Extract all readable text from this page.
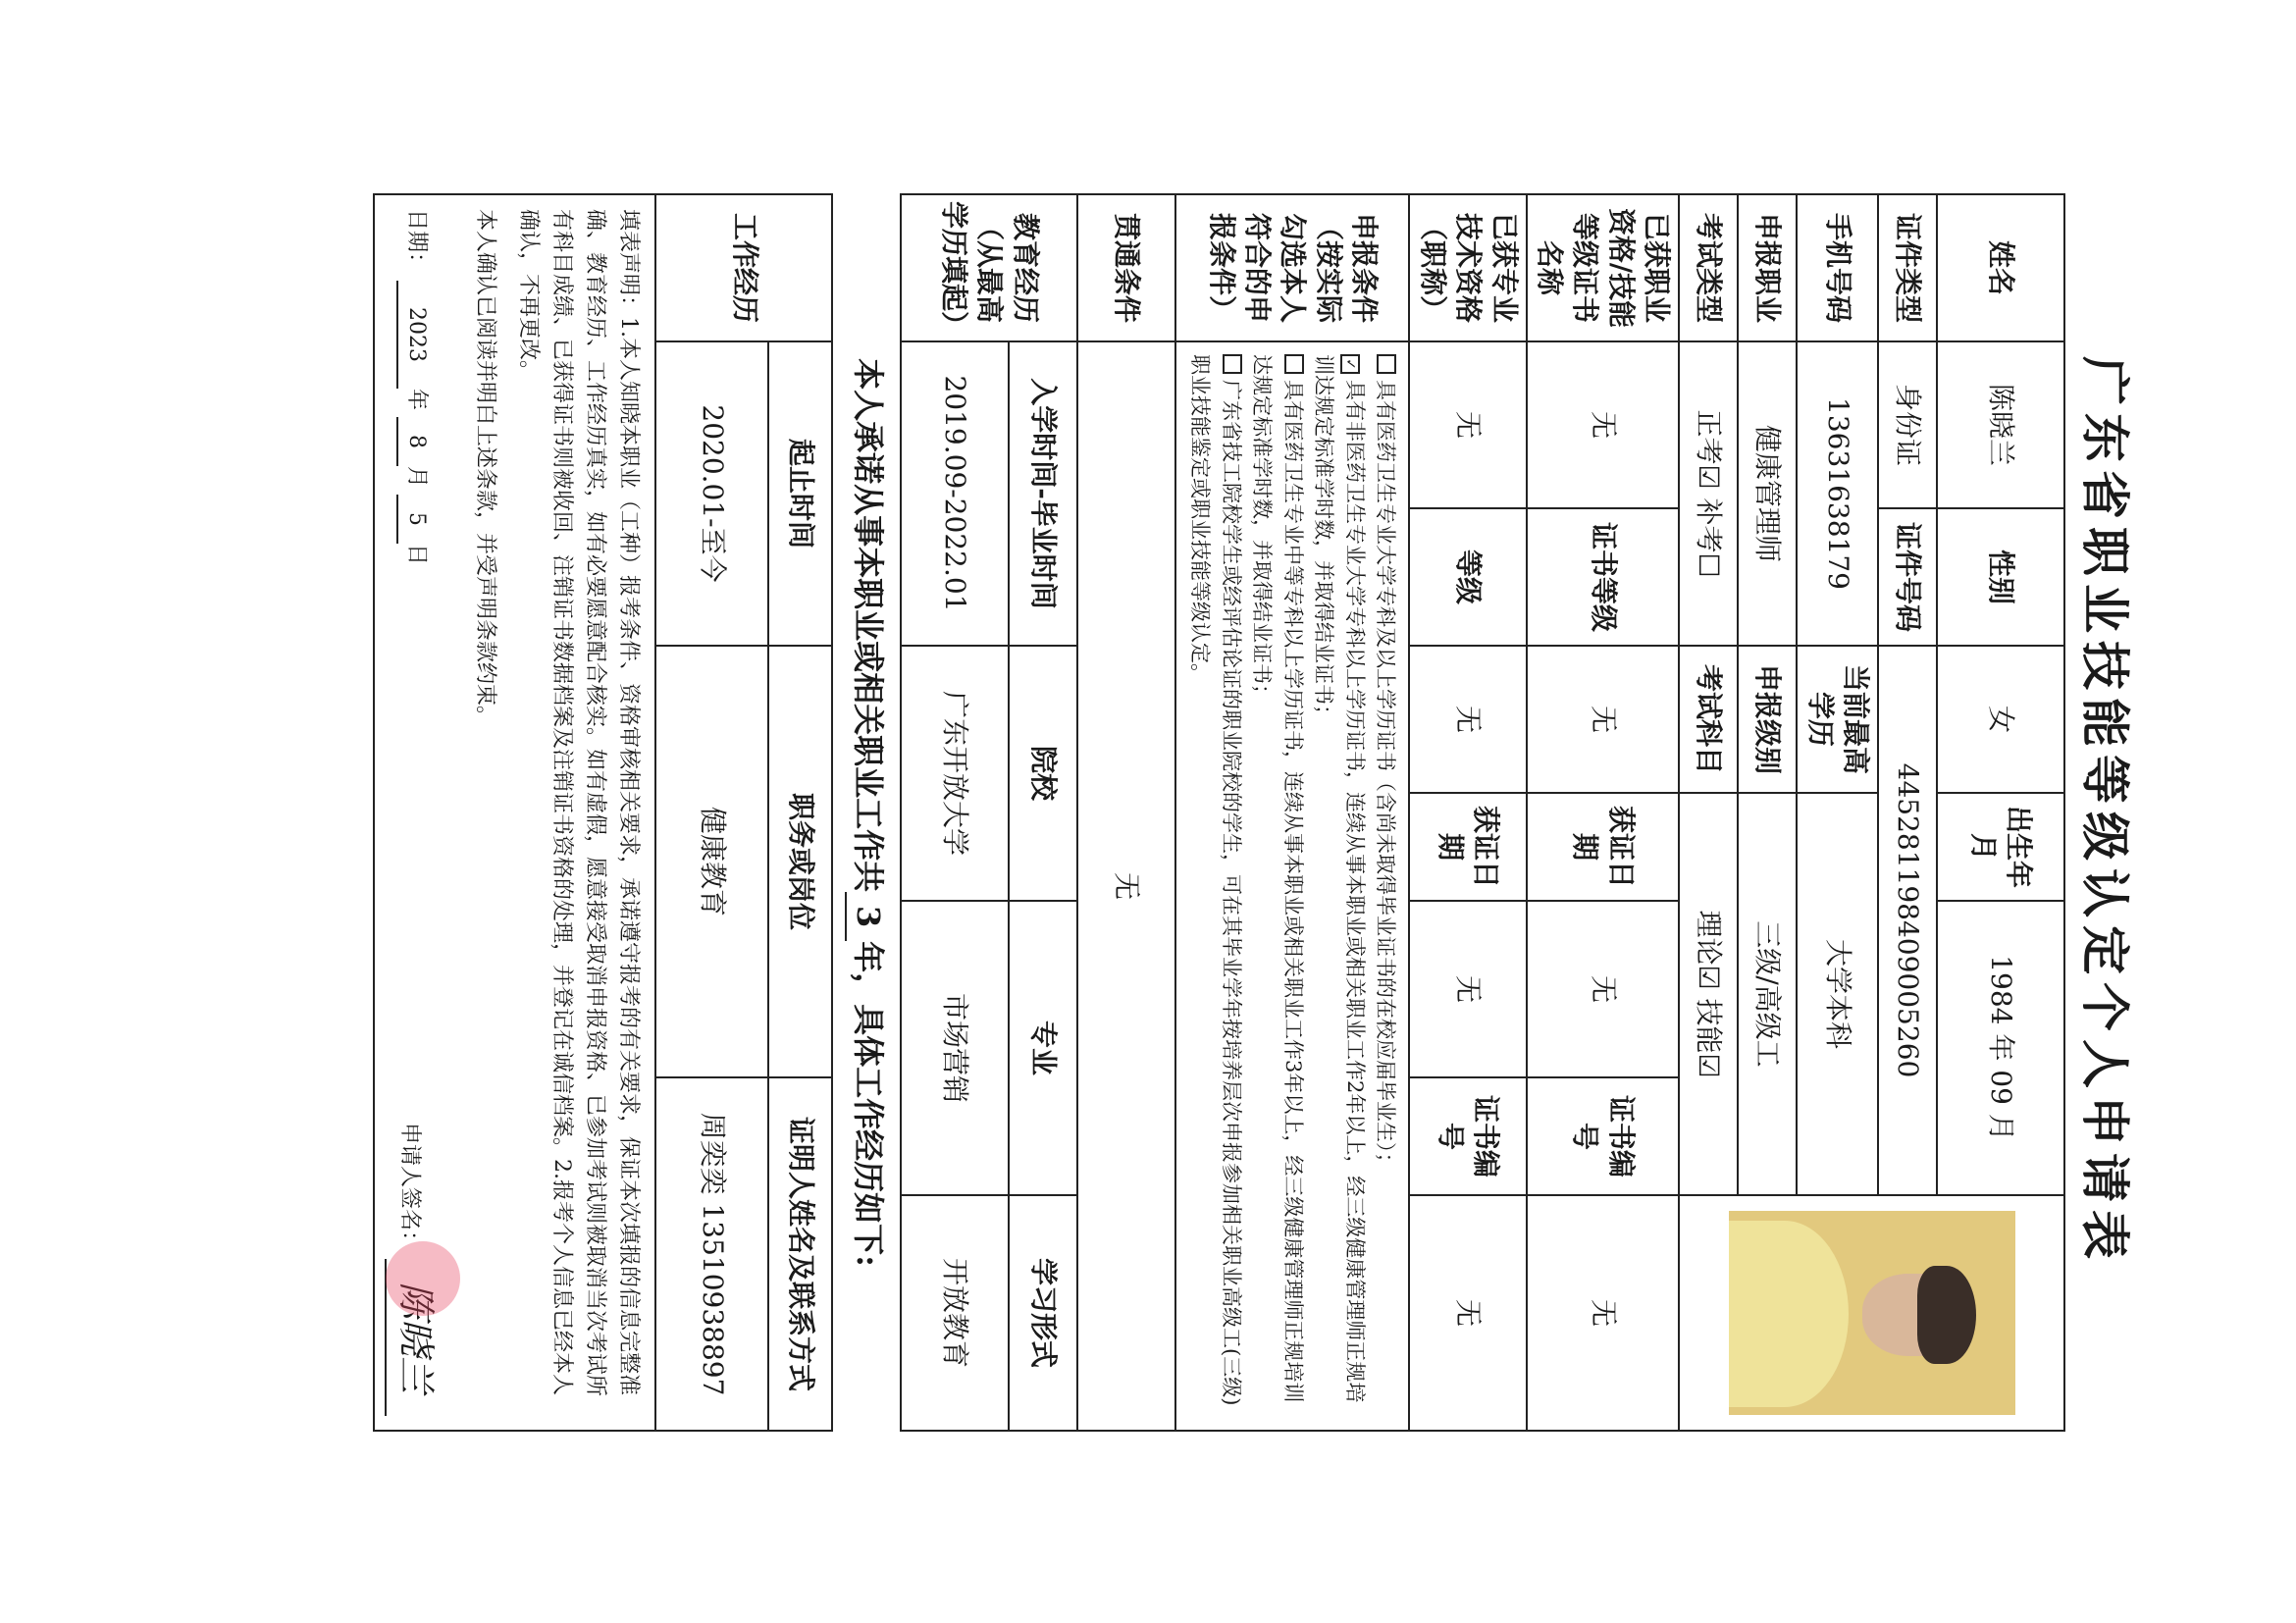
广东省职业技能等级认定个人申请表
姓名	陈晓兰	性别	女	出生年月	1984 年 09 月		

证件类型	身份证	证件号码	445281198409005260				
手机号码	13631638179		当前最高学历	大学本科			
申报职业	健康管理师		申报级别	三级/高级工			
考试类型	正考☑ 补考☐		考试科目	理论☑ 技能☑			
已获职业资格/技能等级证书名称	无	证书等级	无	获证日期	无	证书编号	无
已获专业技术资格（职称）	无	等级	无	获证日期	无	证书编号	无
申报条件（按实际勾选本人符合的申报条件）	具有医药卫生专业大学专科及以上学历证书（含尚未取得毕业证书的在校应届毕业生）；
✓具有非医药卫生专业大学专科以上学历证书，连续从事本职业或相关职业工作2年以上，经三级健康管理师正规培训达规定标准学时数，并取得结业证书；
具有医药卫生专业中等专科以上学历证书，连续从事本职业或相关职业工作3年以上，经三级健康管理师正规培训达规定标准学时数，并取得结业证书；
广东省技工院校学生或经评估论证的职业院校的学生，可在其毕业学年按培养层次申报参加相关职业高级工(三级)职业技能鉴定或职业技能等级认定。						

贯通条件	无						
教育经历（从最高学历填起）	入学时间-毕业时间		院校		专业		学习形式
	2019.09-2022.01		广东开放大学		市场营销		开放教育
本人承诺从事本职业或相关职业工作共3年，具体工作经历如下:							
工作经历	起止时间		职务或岗位			证明人姓名及联系方式	
	2020.01-至今		健康教育			周奕奕 13510938897	

填表声明：1.本人知晓本职业（工种）报考条件、资格审核相关要求，承诺遵守报考的有关要求，保证本次填报的信息完整准确、教育经历、工作经历真实，如有必要愿意配合核实。如有虚假，愿意接受取消申报资格、已参加考试则被取消当次考试所有科目成绩、已获得证书则被收回、注销证书数据档案及注销证书资格的处理，并登记在诚信档案。2.报考个人信息已经本人确认，不再更改。

本人确认已阅读并明白上述条款，并受声明条款约束。

日期： 2023年 8月 5日
申请人签名：
陈晓兰							
